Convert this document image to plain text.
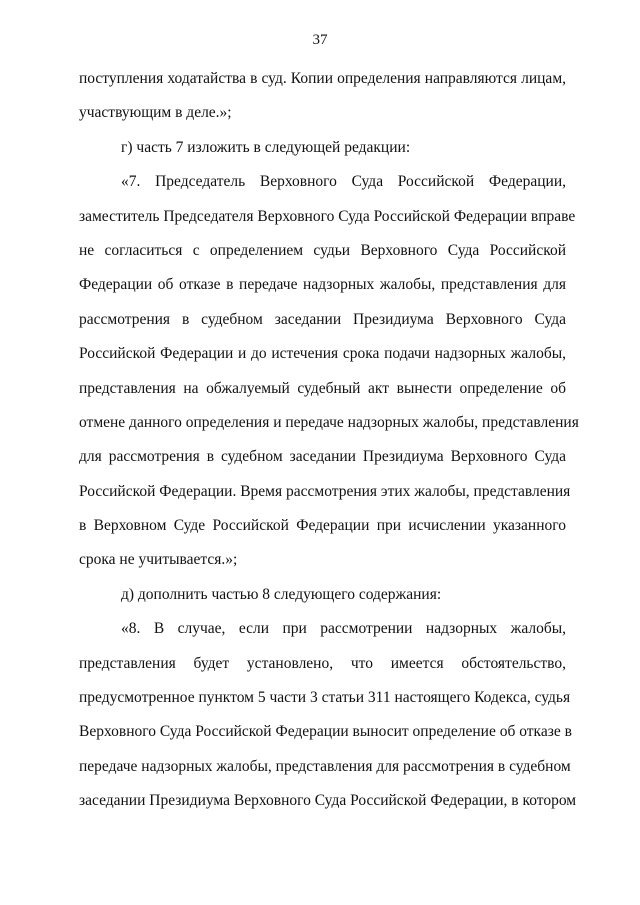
37
поступления ходатайства в суд. Копии определения направляются лицам,
участвующим в деле.»;
г) часть 7 изложить в следующей редакции:
«7. Председатель Верховного Суда Российской Федерации,
заместитель Председателя Верховного Суда Российской Федерации вправе
не согласиться с определением судьи Верховного Суда Российской
Федерации об отказе в передаче надзорных жалобы, представления для
рассмотрения в судебном заседании Президиума Верховного Суда
Российской Федерации и до истечения срока подачи надзорных жалобы,
представления на обжалуемый судебный акт вынести определение об
отмене данного определения и передаче надзорных жалобы, представления
для рассмотрения в судебном заседании Президиума Верховного Суда
Российской Федерации. Время рассмотрения этих жалобы, представления
в Верховном Суде Российской Федерации при исчислении указанного
срока не учитывается.»;
д) дополнить частью 8 следующего содержания:
«8. В случае, если при рассмотрении надзорных жалобы,
представления будет установлено, что имеется обстоятельство,
предусмотренное пунктом 5 части 3 статьи 311 настоящего Кодекса, судья
Верховного Суда Российской Федерации выносит определение об отказе в
передаче надзорных жалобы, представления для рассмотрения в судебном
заседании Президиума Верховного Суда Российской Федерации, в котором
